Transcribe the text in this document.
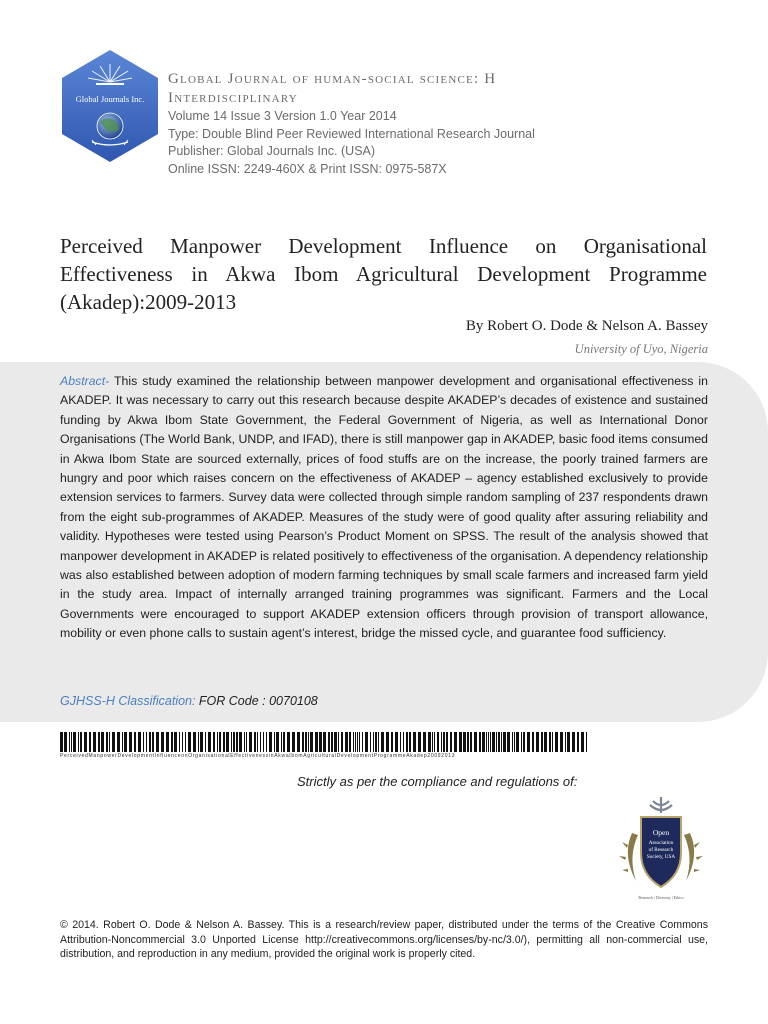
Global Journals Inc.
Global Journal of human-social science: H
Interdisciplinary
Volume 14 Issue 3 Version 1.0 Year 2014
Type: Double Blind Peer Reviewed International Research Journal
Publisher: Global Journals Inc. (USA)
Online ISSN: 2249-460X & Print ISSN: 0975-587X
Perceived Manpower Development Influence on Organisational Effectiveness in Akwa Ibom Agricultural Development Programme (Akadep):2009-2013
By Robert O. Dode & Nelson A. Bassey
University of Uyo, Nigeria
Abstract- This study examined the relationship between manpower development and organisational effectiveness in AKADEP. It was necessary to carry out this research because despite AKADEP’s decades of existence and sustained funding by Akwa Ibom State Government, the Federal Government of Nigeria, as well as International Donor Organisations (The World Bank, UNDP, and IFAD), there is still manpower gap in AKADEP, basic food items consumed in Akwa Ibom State are sourced externally, prices of food stuffs are on the increase, the poorly trained farmers are hungry and poor which raises concern on the effectiveness of AKADEP – agency established exclusively to provide extension services to farmers. Survey data were collected through simple random sampling of 237 respondents drawn from the eight sub-programmes of AKADEP. Measures of the study were of good quality after assuring reliability and validity. Hypotheses were tested using Pearson’s Product Moment on SPSS. The result of the analysis showed that manpower development in AKADEP is related positively to effectiveness of the organisation. A dependency relationship was also established between adoption of modern farming techniques by small scale farmers and increased farm yield in the study area. Impact of internally arranged training programmes was significant. Farmers and the Local Governments were encouraged to support AKADEP extension officers through provision of transport allowance, mobility or even phone calls to sustain agent’s interest, bridge the missed cycle, and guarantee food sufficiency.
GJHSS-H Classification: FOR Code : 0070108
PerceivedManpowerDevelopmentInfluenceonOrganisationalEffectivenessinAkwaIbomAgriculturalDevelopmentProgrammeAkadep20092013
Strictly as per the compliance and regulations of:
Open
Association
of Research
Society, USA
Research | Diversity | Ethics
© 2014. Robert O. Dode & Nelson A. Bassey. This is a research/review paper, distributed under the terms of the Creative Commons Attribution-Noncommercial 3.0 Unported License http://creativecommons.org/licenses/by-nc/3.0/), permitting all non-commercial use, distribution, and reproduction in any medium, provided the original work is properly cited.
